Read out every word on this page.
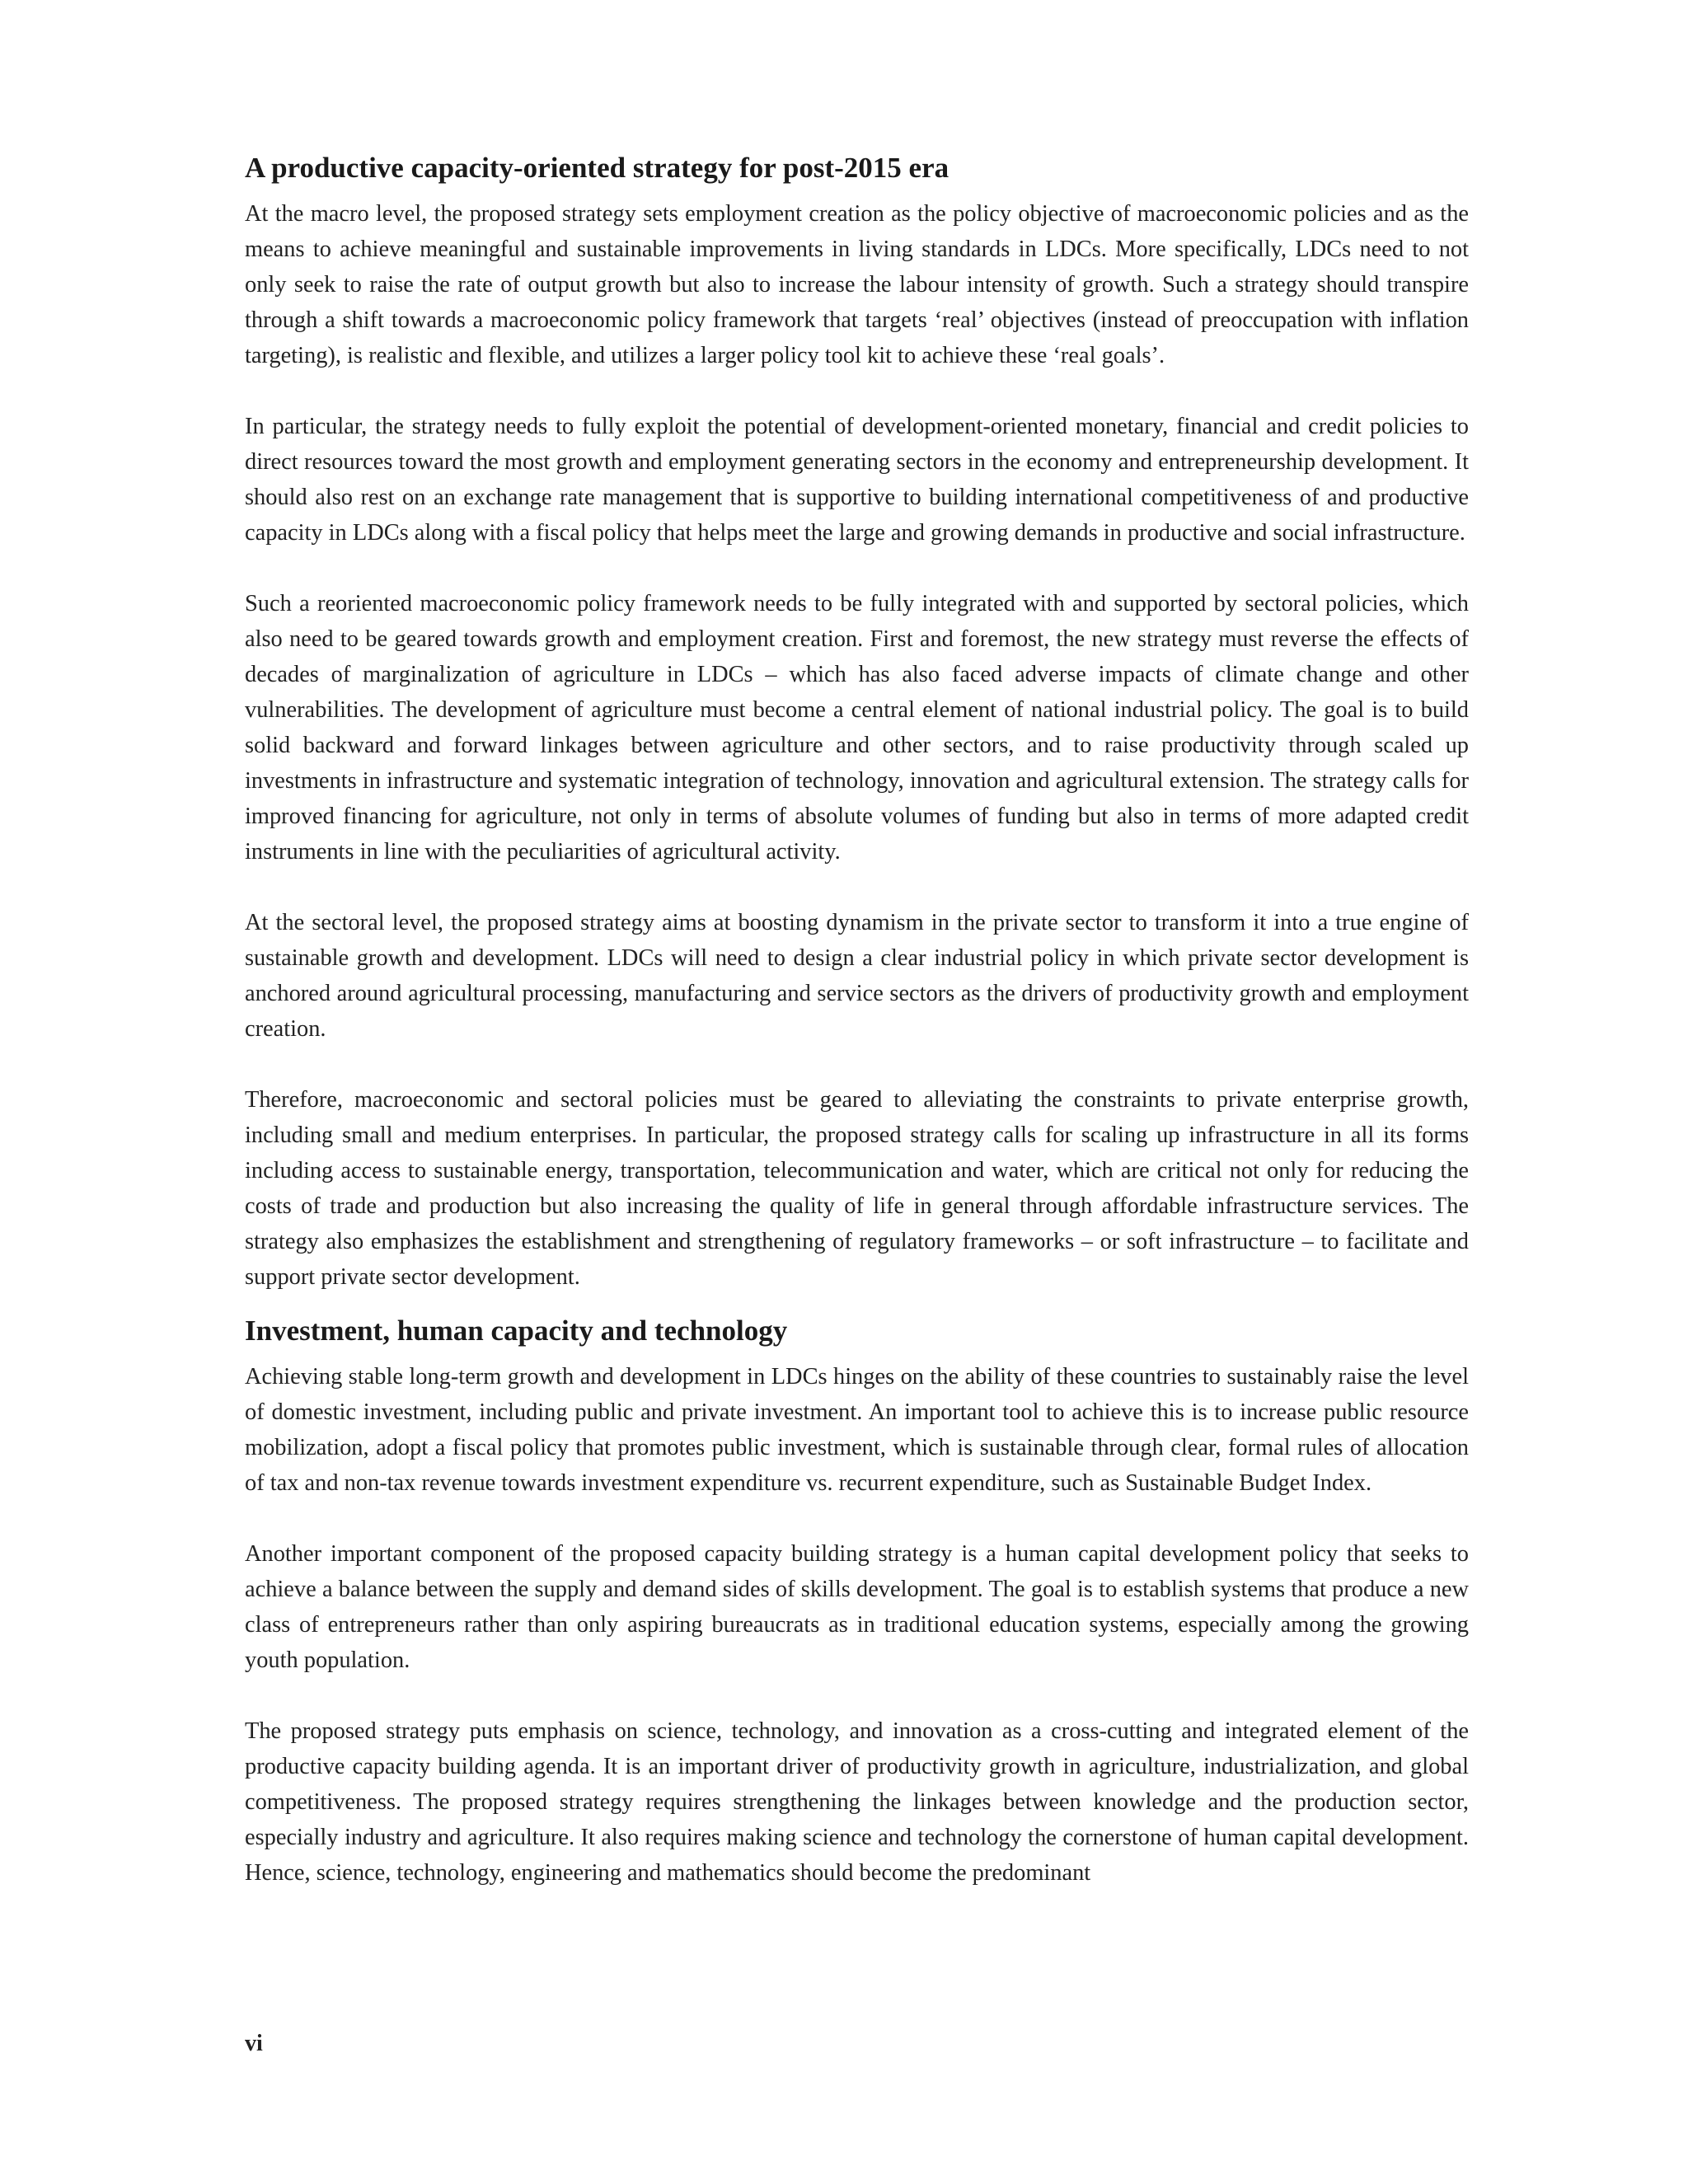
A productive capacity-oriented strategy for post-2015 era

At the macro level, the proposed strategy sets employment creation as the policy objective of macroeconomic policies and as the means to achieve meaningful and sustainable improvements in living standards in LDCs. More specifically, LDCs need to not only seek to raise the rate of output growth but also to increase the labour intensity of growth. Such a strategy should transpire through a shift towards a macroeconomic policy framework that targets ‘real’ objectives (instead of preoccupation with inflation targeting), is realistic and flexible, and utilizes a larger policy tool kit to achieve these ‘real goals’.

In particular, the strategy needs to fully exploit the potential of development-oriented monetary, financial and credit policies to direct resources toward the most growth and employment generating sectors in the economy and entrepreneurship development. It should also rest on an exchange rate management that is supportive to building international competitiveness of and productive capacity in LDCs along with a fiscal policy that helps meet the large and growing demands in productive and social infrastructure.

Such a reoriented macroeconomic policy framework needs to be fully integrated with and supported by sectoral policies, which also need to be geared towards growth and employment creation. First and foremost, the new strategy must reverse the effects of decades of marginalization of agriculture in LDCs – which has also faced adverse impacts of climate change and other vulnerabilities. The development of agriculture must become a central element of national industrial policy. The goal is to build solid backward and forward linkages between agriculture and other sectors, and to raise productivity through scaled up investments in infrastructure and systematic integration of technology, innovation and agricultural extension. The strategy calls for improved financing for agriculture, not only in terms of absolute volumes of funding but also in terms of more adapted credit instruments in line with the peculiarities of agricultural activity.

At the sectoral level, the proposed strategy aims at boosting dynamism in the private sector to transform it into a true engine of sustainable growth and development. LDCs will need to design a clear industrial policy in which private sector development is anchored around agricultural processing, manufacturing and service sectors as the drivers of productivity growth and employment creation.

Therefore, macroeconomic and sectoral policies must be geared to alleviating the constraints to private enterprise growth, including small and medium enterprises. In particular, the proposed strategy calls for scaling up infrastructure in all its forms including access to sustainable energy, transportation, telecommunication and water, which are critical not only for reducing the costs of trade and production but also increasing the quality of life in general through affordable infrastructure services. The strategy also emphasizes the establishment and strengthening of regulatory frameworks – or soft infrastructure – to facilitate and support private sector development.

Investment, human capacity and technology

Achieving stable long-term growth and development in LDCs hinges on the ability of these countries to sustainably raise the level of domestic investment, including public and private investment. An important tool to achieve this is to increase public resource mobilization, adopt a fiscal policy that promotes public investment, which is sustainable through clear, formal rules of allocation of tax and non-tax revenue towards investment expenditure vs. recurrent expenditure, such as Sustainable Budget Index.

Another important component of the proposed capacity building strategy is a human capital development policy that seeks to achieve a balance between the supply and demand sides of skills development. The goal is to establish systems that produce a new class of entrepreneurs rather than only aspiring bureaucrats as in traditional education systems, especially among the growing youth population.

The proposed strategy puts emphasis on science, technology, and innovation as a cross-cutting and integrated element of the productive capacity building agenda. It is an important driver of productivity growth in agriculture, industrialization, and global competitiveness. The proposed strategy requires strengthening the linkages between knowledge and the production sector, especially industry and agriculture. It also requires making science and technology the cornerstone of human capital development. Hence, science, technology, engineering and mathematics should become the predominant

vi
